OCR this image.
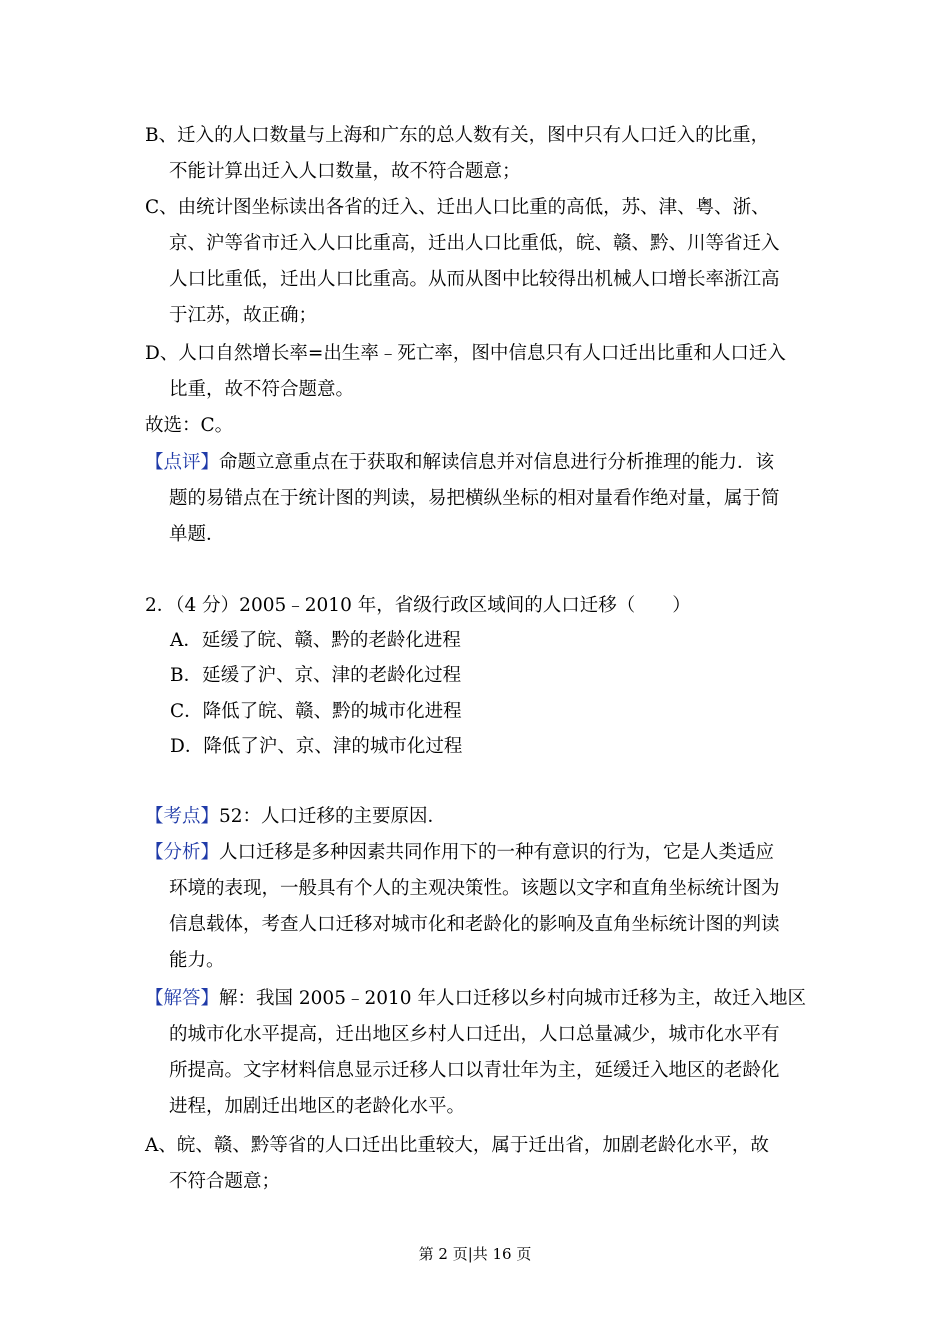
B、迁入的人口数量与上海和广东的总人数有关，图中只有人口迁入的比重，
不能计算出迁入人口数量，故不符合题意；
C、由统计图坐标读出各省的迁入、迁出人口比重的高低，苏、津、粤、浙、
京、沪等省市迁入人口比重高，迁出人口比重低，皖、赣、黔、川等省迁入
人口比重低，迁出人口比重高。从而从图中比较得出机械人口增长率浙江高
于江苏，故正确；
D、人口自然增长率=出生率﹣死亡率，图中信息只有人口迁出比重和人口迁入
比重，故不符合题意。
故选：C。
【点评】命题立意重点在于获取和解读信息并对信息进行分析推理的能力．该
题的易错点在于统计图的判读，易把横纵坐标的相对量看作绝对量，属于简
单题．
2．（4 分）2005﹣2010 年，省级行政区域间的人口迁移（　　）
A．延缓了皖、赣、黔的老龄化进程
B．延缓了沪、京、津的老龄化过程
C．降低了皖、赣、黔的城市化进程
D．降低了沪、京、津的城市化过程
【考点】52：人口迁移的主要原因．
【分析】人口迁移是多种因素共同作用下的一种有意识的行为，它是人类适应
环境的表现，一般具有个人的主观决策性。该题以文字和直角坐标统计图为
信息载体，考查人口迁移对城市化和老龄化的影响及直角坐标统计图的判读
能力。
【解答】解：我国 2005﹣2010 年人口迁移以乡村向城市迁移为主，故迁入地区
的城市化水平提高，迁出地区乡村人口迁出，人口总量减少，城市化水平有
所提高。文字材料信息显示迁移人口以青壮年为主，延缓迁入地区的老龄化
进程，加剧迁出地区的老龄化水平。
A、皖、赣、黔等省的人口迁出比重较大，属于迁出省，加剧老龄化水平，故
不符合题意；
第 2 页|共 16 页
